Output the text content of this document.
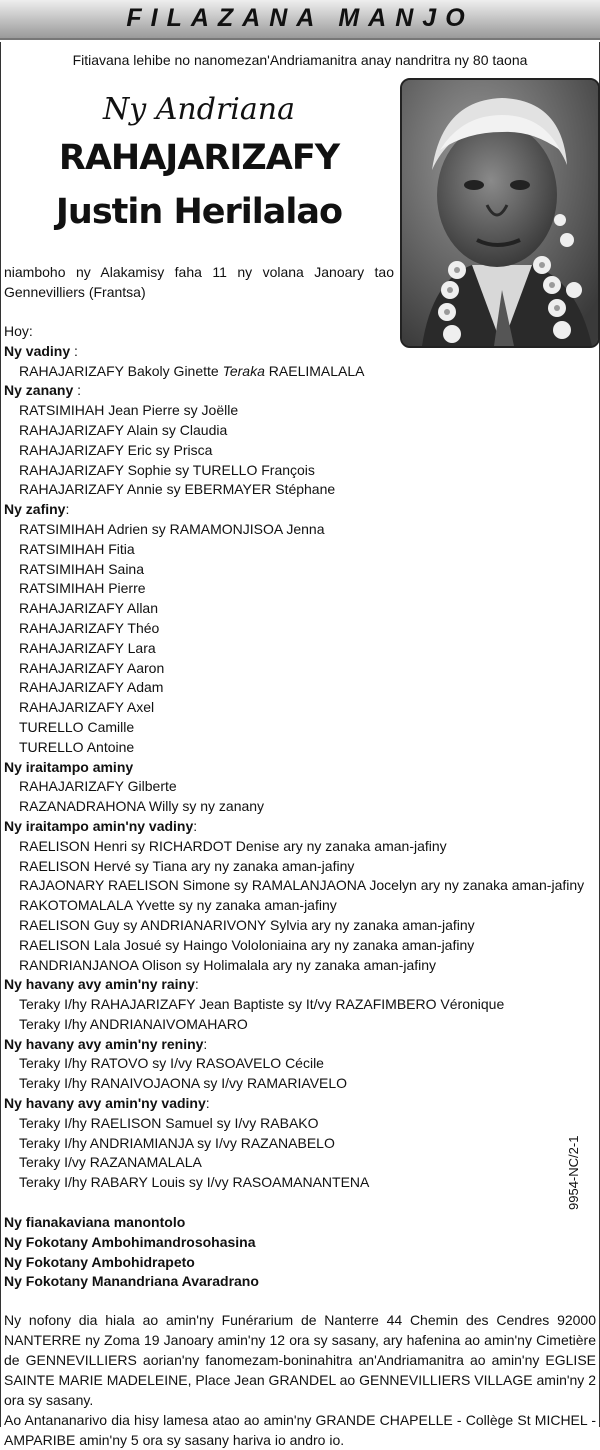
FILAZANA MANJO
Fitiavana lehibe no nanomezan'Andriamanitra anay nandritra ny 80 taona
Ny Andriana
RAHAJARIZAFY
Justin Herilalao
niamboho ny Alakamisy faha 11 ny volana Janoary tao Gennevilliers (Frantsa)
Hoy:
Ny vadiny :
RAHAJARIZAFY Bakoly Ginette Teraka RAELIMALALA
Ny zanany :
RATSIMIHAH Jean Pierre sy Joëlle
RAHAJARIZAFY Alain sy Claudia
RAHAJARIZAFY Eric sy Prisca
RAHAJARIZAFY Sophie sy TURELLO François
RAHAJARIZAFY Annie sy EBERMAYER Stéphane
Ny zafiny:
RATSIMIHAH Adrien sy RAMAMONJISOA Jenna
RATSIMIHAH Fitia
RATSIMIHAH Saina
RATSIMIHAH Pierre
RAHAJARIZAFY Allan
RAHAJARIZAFY Théo
RAHAJARIZAFY Lara
RAHAJARIZAFY Aaron
RAHAJARIZAFY Adam
RAHAJARIZAFY Axel
TURELLO Camille
TURELLO Antoine
Ny iraitampo aminy
RAHAJARIZAFY Gilberte
RAZANADRAHONA Willy sy ny zanany
Ny iraitampo amin'ny vadiny:
RAELISON Henri sy RICHARDOT Denise ary ny zanaka aman-jafiny
RAELISON Hervé sy Tiana ary ny zanaka aman-jafiny
RAJAONARY RAELISON Simone sy RAMALANJAONA Jocelyn ary ny zanaka aman-jafiny
RAKOTOMALALA Yvette sy ny zanaka aman-jafiny
RAELISON Guy sy ANDRIANARIVONY Sylvia ary ny zanaka aman-jafiny
RAELISON Lala Josué sy Haingo Vololoniaina ary ny zanaka aman-jafiny
RANDRIANJANOA Olison sy Holimalala ary ny zanaka aman-jafiny
Ny havany avy amin'ny rainy:
Teraky I/hy RAHAJARIZAFY Jean Baptiste sy It/vy RAZAFIMBERO Véronique
Teraky I/hy ANDRIANAIVOMAHARO
Ny havany avy amin'ny reniny:
Teraky I/hy RATOVO sy I/vy RASOAVELO Cécile
Teraky I/hy RANAIVOJAONA sy I/vy RAMARIAVELO
Ny havany avy amin'ny vadiny:
Teraky I/hy RAELISON Samuel sy I/vy RABAKO
Teraky I/hy ANDRIAMIANJA sy I/vy RAZANABELO
Teraky I/vy RAZANAMALALA
Teraky I/hy RABARY Louis sy I/vy RASOAMANANTENA
Ny fianakaviana manontolo
Ny Fokotany Ambohimandrosohasina
Ny Fokotany Ambohidrapeto
Ny Fokotany Manandriana Avaradrano
9954-NC/2-1
Ny nofony dia hiala ao amin'ny Funérarium de Nanterre 44 Chemin des Cendres 92000 NANTERRE ny Zoma 19 Janoary amin'ny 12 ora sy sasany, ary hafenina ao amin'ny Cimetière de GENNEVILLIERS aorian'ny fanomezam-boninahitra an'Andriamanitra ao amin'ny EGLISE SAINTE MARIE MADELEINE, Place Jean GRANDEL ao GENNEVILLIERS VILLAGE amin'ny 2 ora sy sasany.
Ao Antananarivo dia hisy lamesa atao ao amin'ny GRANDE CHAPELLE - Collège St MICHEL - AMPARIBE amin'ny 5 ora sy sasany hariva io andro io.
